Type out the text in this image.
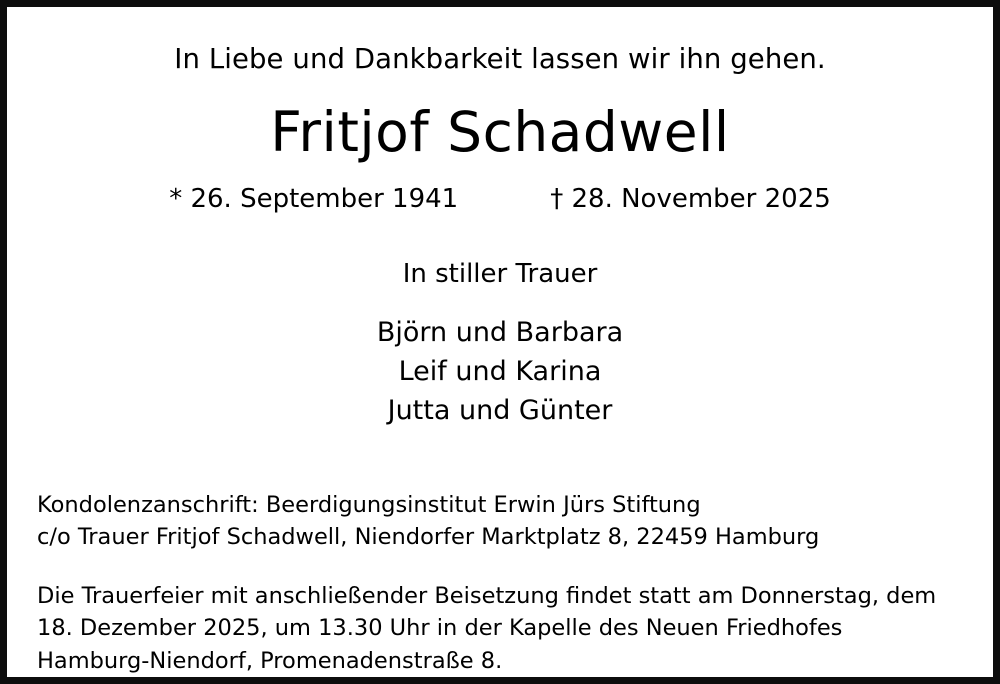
In Liebe und Dankbarkeit lassen wir ihn gehen.
Fritjof Schadwell
* 26. September 1941	† 28. November 2025
In stiller Trauer
Björn und Barbara
Leif und Karina
Jutta und Günter
Kondolenzanschrift: Beerdigungsinstitut Erwin Jürs Stiftung
c/o Trauer Fritjof Schadwell, Niendorfer Marktplatz 8, 22459 Hamburg
Die Trauerfeier mit anschließender Beisetzung findet statt am Donnerstag, dem
18. Dezember 2025, um 13.30 Uhr in der Kapelle des Neuen Friedhofes
Hamburg-Niendorf, Promenadenstraße 8.
